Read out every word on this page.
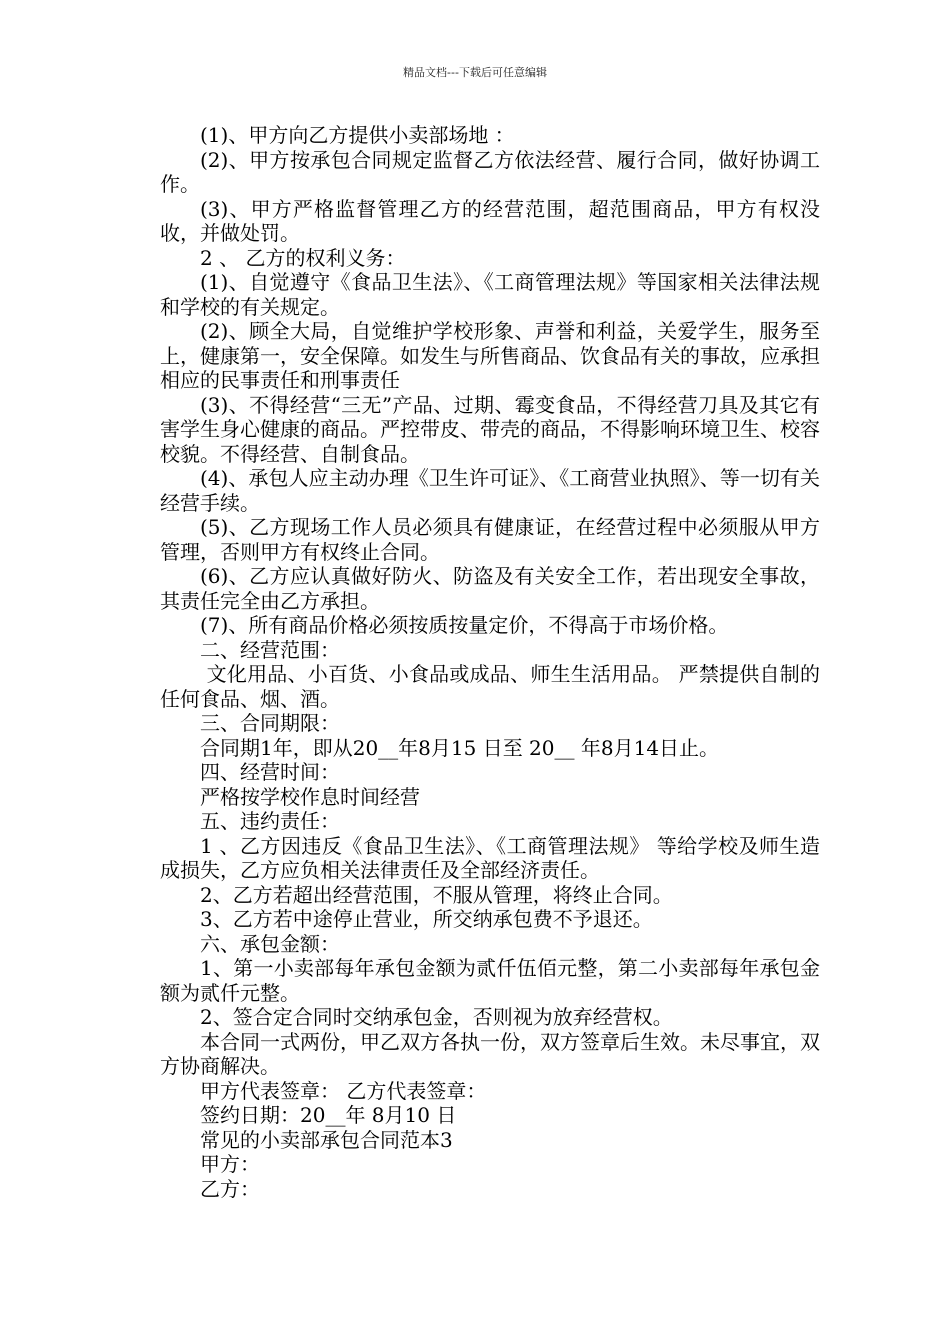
精品文档---下载后可任意编辑

(1)、甲方向乙方提供小卖部场地 ：

(2)、甲方按承包合同规定监督乙方依法经营、履行合同，做好协调工作。

(3)、甲方严格监督管理乙方的经营范围，超范围商品，甲方有权没收，并做处罚。

2 、 乙方的权利义务：

(1)、自觉遵守《食品卫生法》、《工商管理法规》等国家相关法律法规和学校的有关规定。

(2)、顾全大局，自觉维护学校形象、声誉和利益，关爱学生，服务至上，健康第一，安全保障。如发生与所售商品、饮食品有关的事故，应承担相应的民事责任和刑事责任

(3)、不得经营“三无”产品、过期、霉变食品，不得经营刀具及其它有害学生身心健康的商品。严控带皮、带壳的商品，不得影响环境卫生、校容校貌。不得经营、自制食品。

(4)、承包人应主动办理《卫生许可证》、《工商营业执照》、等一切有关经营手续。

(5)、乙方现场工作人员必须具有健康证，在经营过程中必须服从甲方管理，否则甲方有权终止合同。

(6)、乙方应认真做好防火、防盗及有关安全工作，若出现安全事故，其责任完全由乙方承担。

(7)、所有商品价格必须按质按量定价，不得高于市场价格。

二、经营范围：

文化用品、小百货、小食品或成品、师生生活用品。 严禁提供自制的任何食品、烟、酒。

三、合同期限：

合同期1年，即从20__年8月15 日至 20__ 年8月14日止。

四、经营时间：

严格按学校作息时间经营

五、违约责任：

1 、乙方因违反《食品卫生法》、《工商管理法规》 等给学校及师生造成损失，乙方应负相关法律责任及全部经济责任。

2、乙方若超出经营范围，不服从管理，将终止合同。

3、乙方若中途停止营业，所交纳承包费不予退还。

六、承包金额：

1、第一小卖部每年承包金额为贰仟伍佰元整，第二小卖部每年承包金额为贰仟元整。

2、签合定合同时交纳承包金，否则视为放弃经营权。

本合同一式两份，甲乙双方各执一份，双方签章后生效。未尽事宜，双方协商解决。

甲方代表签章： 乙方代表签章：

签约日期：20__年 8月10 日

常见的小卖部承包合同范本3

甲方：

乙方：
